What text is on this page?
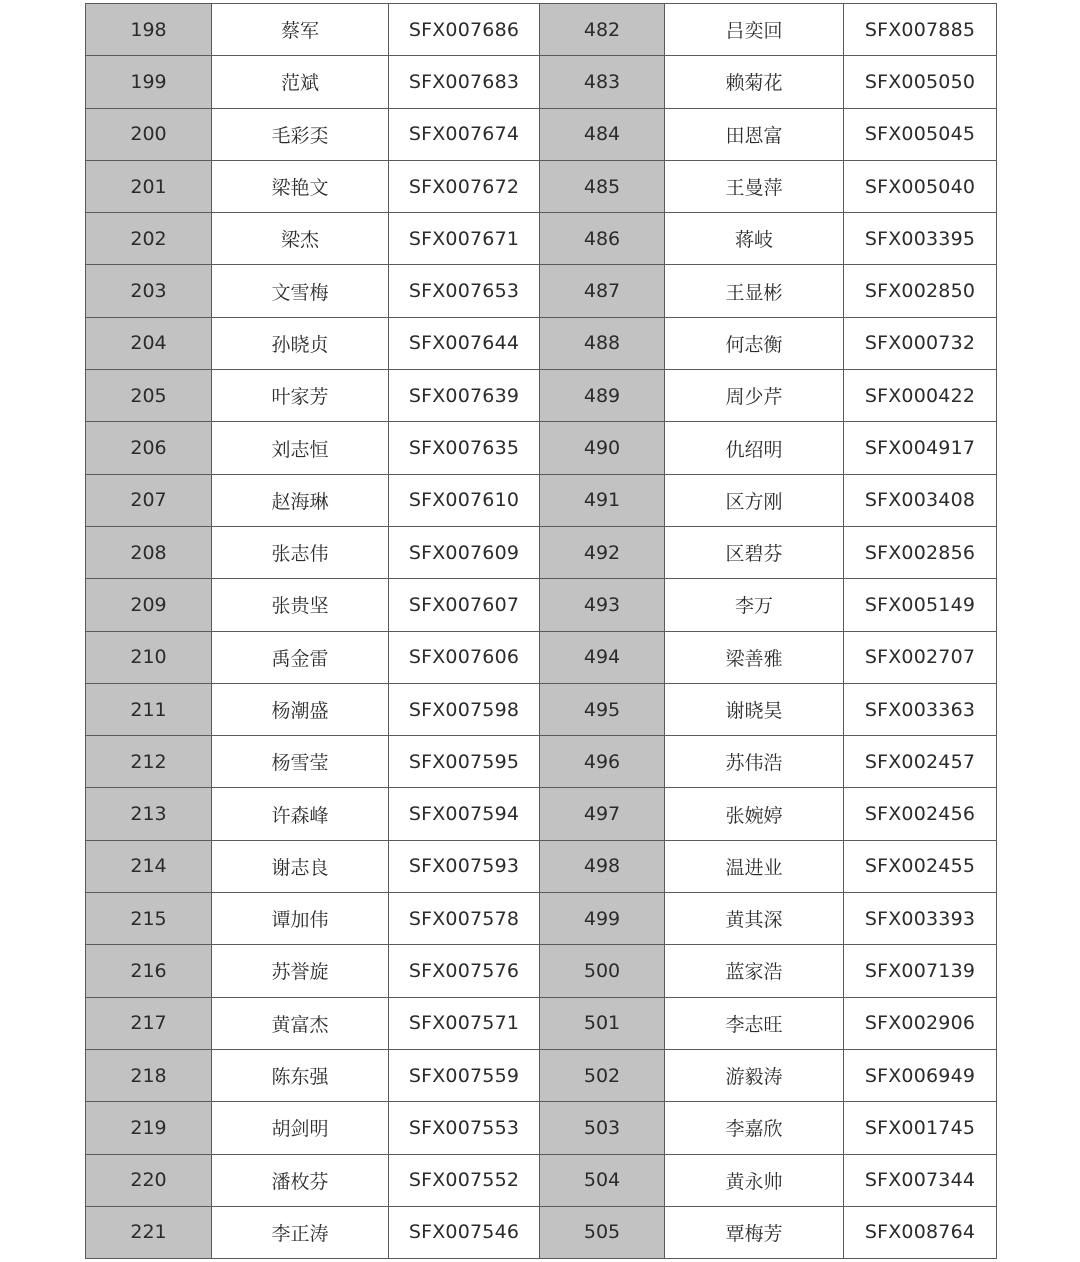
198	蔡军	SFX007686	482	吕奕回	SFX007885
199	范斌	SFX007683	483	赖菊花	SFX005050
200	毛彩奀	SFX007674	484	田恩富	SFX005045
201	梁艳文	SFX007672	485	王曼萍	SFX005040
202	梁杰	SFX007671	486	蒋岐	SFX003395
203	文雪梅	SFX007653	487	王显彬	SFX002850
204	孙晓贞	SFX007644	488	何志衡	SFX000732
205	叶家芳	SFX007639	489	周少芹	SFX000422
206	刘志恒	SFX007635	490	仇绍明	SFX004917
207	赵海琳	SFX007610	491	区方刚	SFX003408
208	张志伟	SFX007609	492	区碧芬	SFX002856
209	张贵坚	SFX007607	493	李万	SFX005149
210	禹金雷	SFX007606	494	梁善雅	SFX002707
211	杨潮盛	SFX007598	495	谢晓昊	SFX003363
212	杨雪莹	SFX007595	496	苏伟浩	SFX002457
213	许森峰	SFX007594	497	张婉婷	SFX002456
214	谢志良	SFX007593	498	温进业	SFX002455
215	谭加伟	SFX007578	499	黄其深	SFX003393
216	苏誉旋	SFX007576	500	蓝家浩	SFX007139
217	黄富杰	SFX007571	501	李志旺	SFX002906
218	陈东强	SFX007559	502	游毅涛	SFX006949
219	胡剑明	SFX007553	503	李嘉欣	SFX001745
220	潘枚芬	SFX007552	504	黄永帅	SFX007344
221	李正涛	SFX007546	505	覃梅芳	SFX008764
